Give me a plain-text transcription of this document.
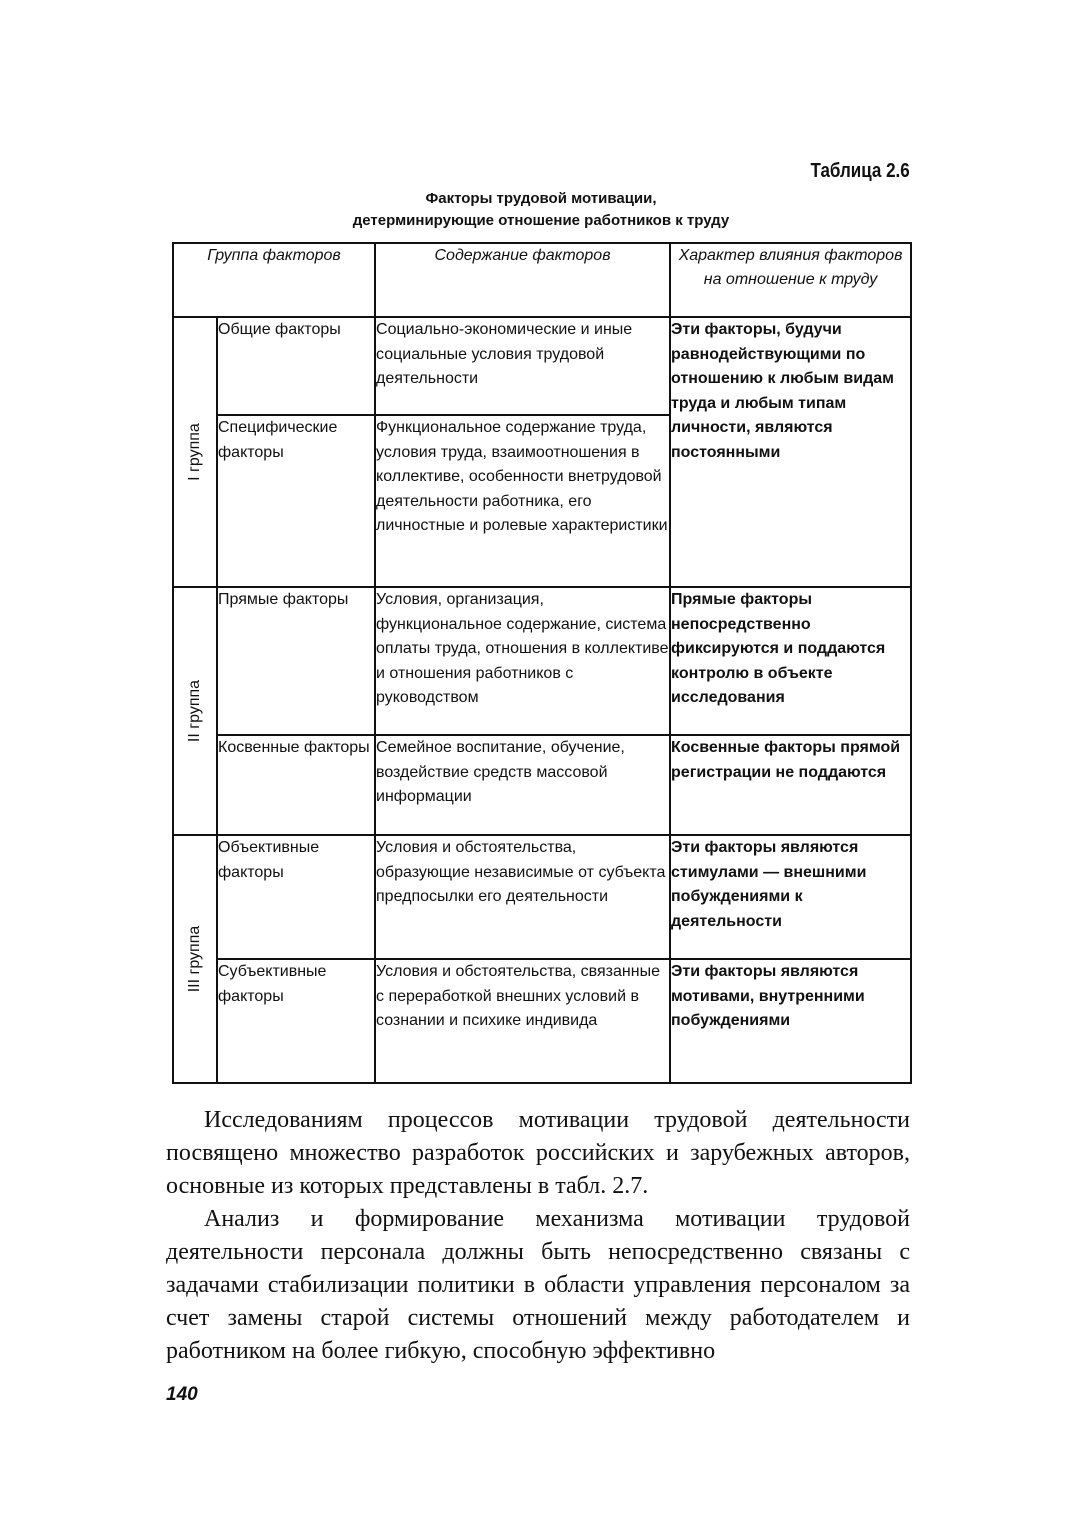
Таблица 2.6
Факторы трудовой мотивации,
детерминирующие отношение работников к труду
Группа факторов		Содержание факторов	Характер влияния факторов на отношение к труду

I группа	Общие факторы	Социально-экономические и иные социальные условия трудовой деятельности	Эти факторы, будучи равнодействующими по отношению к любым видам труда и любым типам личности, являются постоянными
	Специфические факторы	Функциональное содержание труда, условия труда, взаимоотношения в коллективе, особенности внетрудовой деятельности работника, его личностные и ролевые характеристики	

II группа	Прямые факторы	Условия, организация, функциональное содержание, система оплаты труда, отношения в коллективе и отношения работников с руководством	Прямые факторы непосредственно фиксируются и поддаются контролю в объекте исследования
	Косвенные факторы	Семейное воспитание, обучение, воздействие средств массовой информации	Косвенные факторы прямой регистрации не поддаются

III группа	Объективные факторы	Условия и обстоятельства, образующие независимые от субъекта предпосылки его деятельности	Эти факторы являются стимулами — внешними побуждениями к деятельности
	Субъективные факторы	Условия и обстоятельства, связанные с переработкой внешних условий в сознании и психике индивида	Эти факторы являются мотивами, внутренними побуждениями

Исследованиям процессов мотивации трудовой деятельности посвящено множество разработок российских и зарубежных авторов, основные из которых представлены в табл. 2.7.

Анализ и формирование механизма мотивации трудовой деятельности персонала должны быть непосредственно связаны с задачами стабилизации политики в области управления персоналом за счет замены старой системы отношений между работодателем и работником на более гибкую, способную эффективно

140
